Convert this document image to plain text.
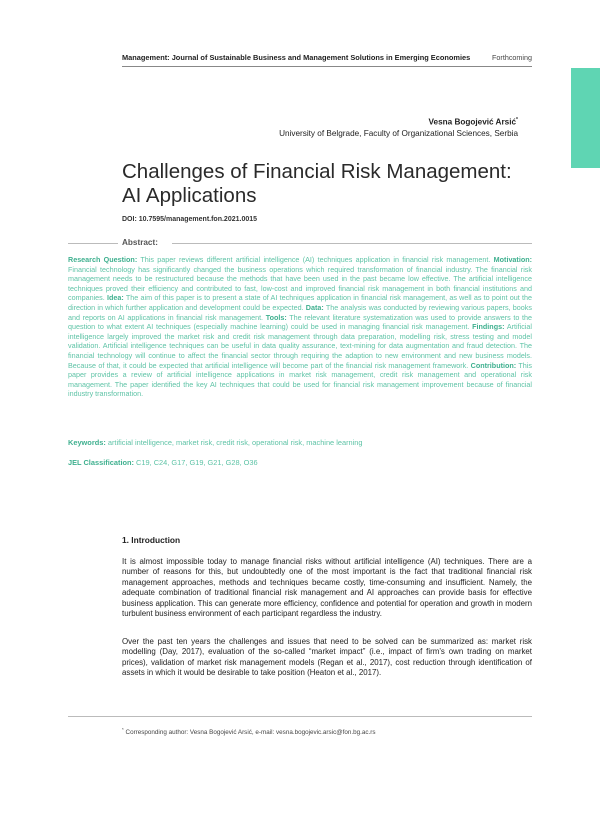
Management: Journal of Sustainable Business and Management Solutions in Emerging Economies	Forthcoming
Vesna Bogojević Arsić*
University of Belgrade, Faculty of Organizational Sciences, Serbia
Challenges of Financial Risk Management:
AI Applications
DOI: 10.7595/management.fon.2021.0015
Abstract:
Research Question: This paper reviews different artificial intelligence (AI) techniques application in financial risk management. Motivation: Financial technology has significantly changed the business operations which required transformation of financial industry. The financial risk management needs to be restructured because the methods that have been used in the past became low effective. The artificial intelligence techniques proved their efficiency and contributed to fast, low-cost and improved financial risk management in both financial institutions and companies. Idea: The aim of this paper is to present a state of AI techniques application in financial risk management, as well as to point out the direction in which further application and development could be expected. Data: The analysis was conducted by reviewing various papers, books and reports on AI applications in financial risk management. Tools: The relevant literature systematization was used to provide answers to the question to what extent AI techniques (especially machine learning) could be used in managing financial risk management. Findings: Artificial intelligence largely improved the market risk and credit risk management through data preparation, modelling risk, stress testing and model validation. Artificial intelligence techniques can be useful in data quality assurance, text-mining for data augmentation and fraud detection. The financial technology will continue to affect the financial sector through requiring the adaption to new environment and new business models. Because of that, it could be expected that artificial intelligence will become part of the financial risk management framework. Contribution: This paper provides a review of artificial intelligence applications in market risk management, credit risk management and operational risk management. The paper identified the key AI techniques that could be used for financial risk management improvement because of financial industry transformation.
Keywords: artificial intelligence, market risk, credit risk, operational risk, machine learning
JEL Classification: C19, C24, G17, G19, G21, G28, O36
1. Introduction
It is almost impossible today to manage financial risks without artificial intelligence (AI) techniques. There are a number of reasons for this, but undoubtedly one of the most important is the fact that traditional financial risk management approaches, methods and techniques became costly, time-consuming and insufficient. Namely, the adequate combination of traditional financial risk management and AI approaches can provide basis for effective business application. This can generate more efficiency, confidence and potential for operation and growth in modern turbulent business environment of each participant regardless the industry.
Over the past ten years the challenges and issues that need to be solved can be summarized as: market risk modelling (Day, 2017), evaluation of the so-called “market impact” (i.e., impact of firm’s own trading on market prices), validation of market risk management models (Regan et al., 2017), cost reduction through identification of assets in which it would be desirable to take position (Heaton et al., 2017).
* Corresponding author: Vesna Bogojević Arsić, e-mail: vesna.bogojevic.arsic@fon.bg.ac.rs
